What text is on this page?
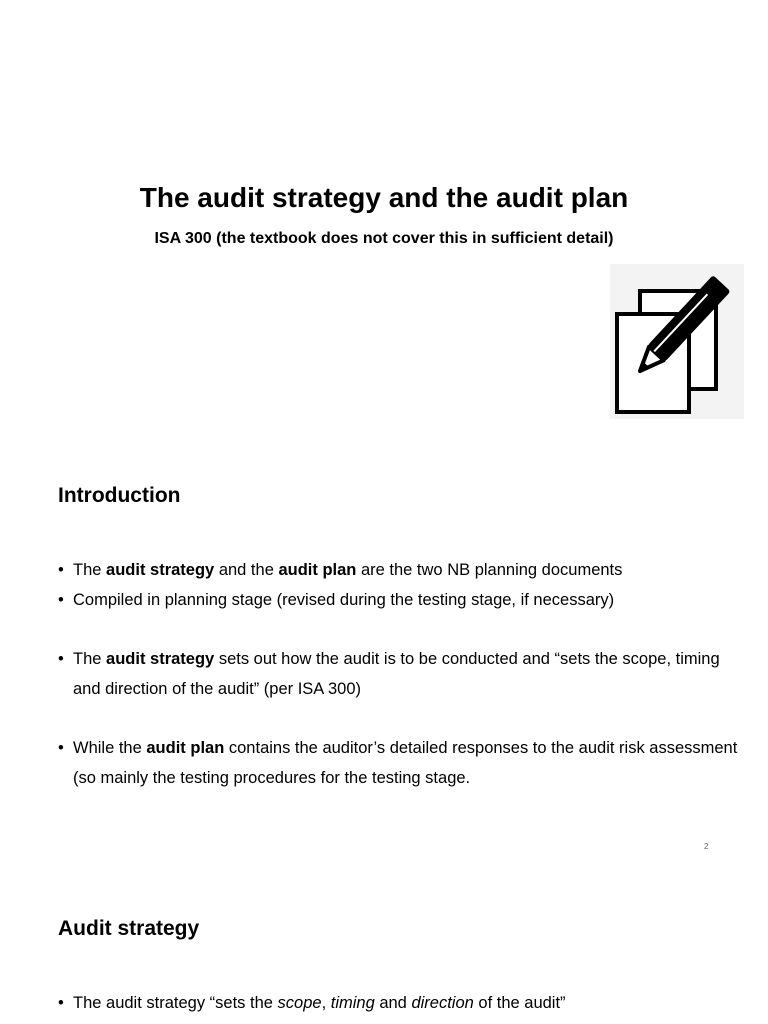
The audit strategy and the audit plan

ISA 300 (the textbook does not cover this in sufficient detail)

Introduction
• The audit strategy and the audit plan are the two NB planning documents
• Compiled in planning stage (revised during the testing stage, if necessary)
• The audit strategy sets out how the audit is to be conducted and “sets the scope, timing and direction of the audit” (per ISA 300)
• While the audit plan contains the auditor’s detailed responses to the audit risk assessment (so mainly the testing procedures for the testing stage.
2
Audit strategy
• The audit strategy “sets the scope, timing and direction of the audit”
